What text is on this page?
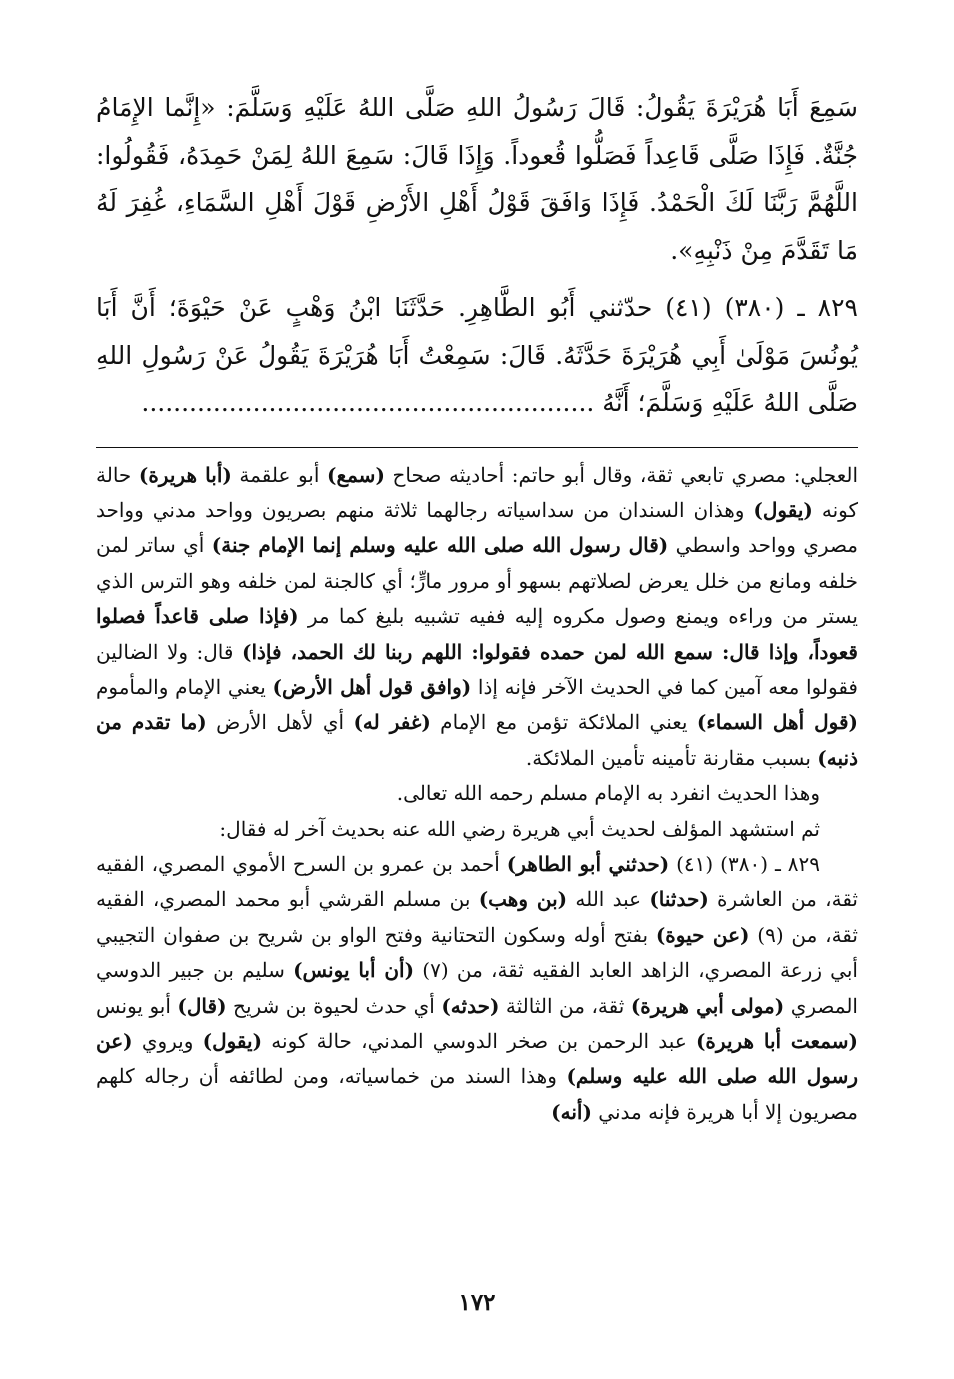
سَمِعَ أَبَا هُرَيْرَةَ يَقُولُ: قَالَ رَسُولُ اللهِ صَلَّى اللهُ عَلَيْهِ وَسَلَّمَ: «إِنَّما الإِمَامُ جُنَّةٌ. فَإِذَا صَلَّى قَاعِداً فَصَلُّوا قُعوداً. وَإِذَا قَالَ: سَمِعَ اللهُ لِمَنْ حَمِدَهُ، فَقُولُوا: اللَّهُمَّ رَبَّنَا لَكَ الْحَمْدُ. فَإِذَا وَافَقَ قَوْلُ أَهْلِ الأَرْضِ قَوْلَ أَهْلِ السَّمَاءِ، غُفِرَ لَهُ مَا تَقَدَّمَ مِنْ ذَنْبِهِ».

٨٢٩ ـ (٣٨٠) (٤١) حدّثني أَبُو الطَّاهِرِ. حَدَّثَنَا ابْنُ وَهْبٍ عَنْ حَيْوَةَ؛ أَنَّ أَبَا يُونُسَ مَوْلَىٰ أَبِي هُرَيْرَةَ حَدَّثَهُ. قَالَ: سَمِعْتُ أَبَا هُرَيْرَةَ يَقُولُ عَنْ رَسُولِ اللهِ صَلَّى اللهُ عَلَيْهِ وَسَلَّمَ؛ أَنَّهُ .........................................................

العجلي: مصري تابعي ثقة، وقال أبو حاتم: أحاديثه صحاح (سمع) أبو علقمة (أبا هريرة) حالة كونه (يقول) وهذان السندان من سداسياته رجالهما ثلاثة منهم بصريون وواحد مدني وواحد مصري وواحد واسطي (قال رسول الله صلى الله عليه وسلم إنما الإمام جنة) أي ساتر لمن خلفه ومانع من خلل يعرض لصلاتهم بسهو أو مرور مارٍّ؛ أي كالجنة لمن خلفه وهو الترس الذي يستر من وراءه ويمنع وصول مكروه إليه ففيه تشبيه بليغ كما مر (فإذا صلى قاعداً فصلوا قعوداً، وإذا قال: سمع الله لمن حمده فقولوا: اللهم ربنا لك الحمد، فإذا) قال: ولا الضالين فقولوا معه آمين كما في الحديث الآخر فإنه إذا (وافق قول أهل الأرض) يعني الإمام والمأموم (قول أهل السماء) يعني الملائكة تؤمن مع الإمام (غفر له) أي لأهل الأرض (ما تقدم من ذنبه) بسبب مقارنة تأمينه تأمين الملائكة.

وهذا الحديث انفرد به الإمام مسلم رحمه الله تعالى.

ثم استشهد المؤلف لحديث أبي هريرة رضي الله عنه بحديث آخر له فقال:

٨٢٩ ـ (٣٨٠) (٤١) (حدثني أبو الطاهر) أحمد بن عمرو بن السرح الأموي المصري، الفقيه ثقة، من العاشرة (حدثنا) عبد الله (بن وهب) بن مسلم القرشي أبو محمد المصري، الفقيه ثقة، من (٩) (عن حيوة) بفتح أوله وسكون التحتانية وفتح الواو بن شريح بن صفوان التجيبي أبي زرعة المصري، الزاهد العابد الفقيه ثقة، من (٧) (أن أبا يونس) سليم بن جبير الدوسي المصري (مولى أبي هريرة) ثقة، من الثالثة (حدثه) أي حدث لحيوة بن شريح (قال) أبو يونس (سمعت أبا هريرة) عبد الرحمن بن صخر الدوسي المدني، حالة كونه (يقول) ويروي (عن رسول الله صلى الله عليه وسلم) وهذا السند من خماسياته، ومن لطائفه أن رجاله كلهم مصريون إلا أبا هريرة فإنه مدني (أنه)

١٧٢
